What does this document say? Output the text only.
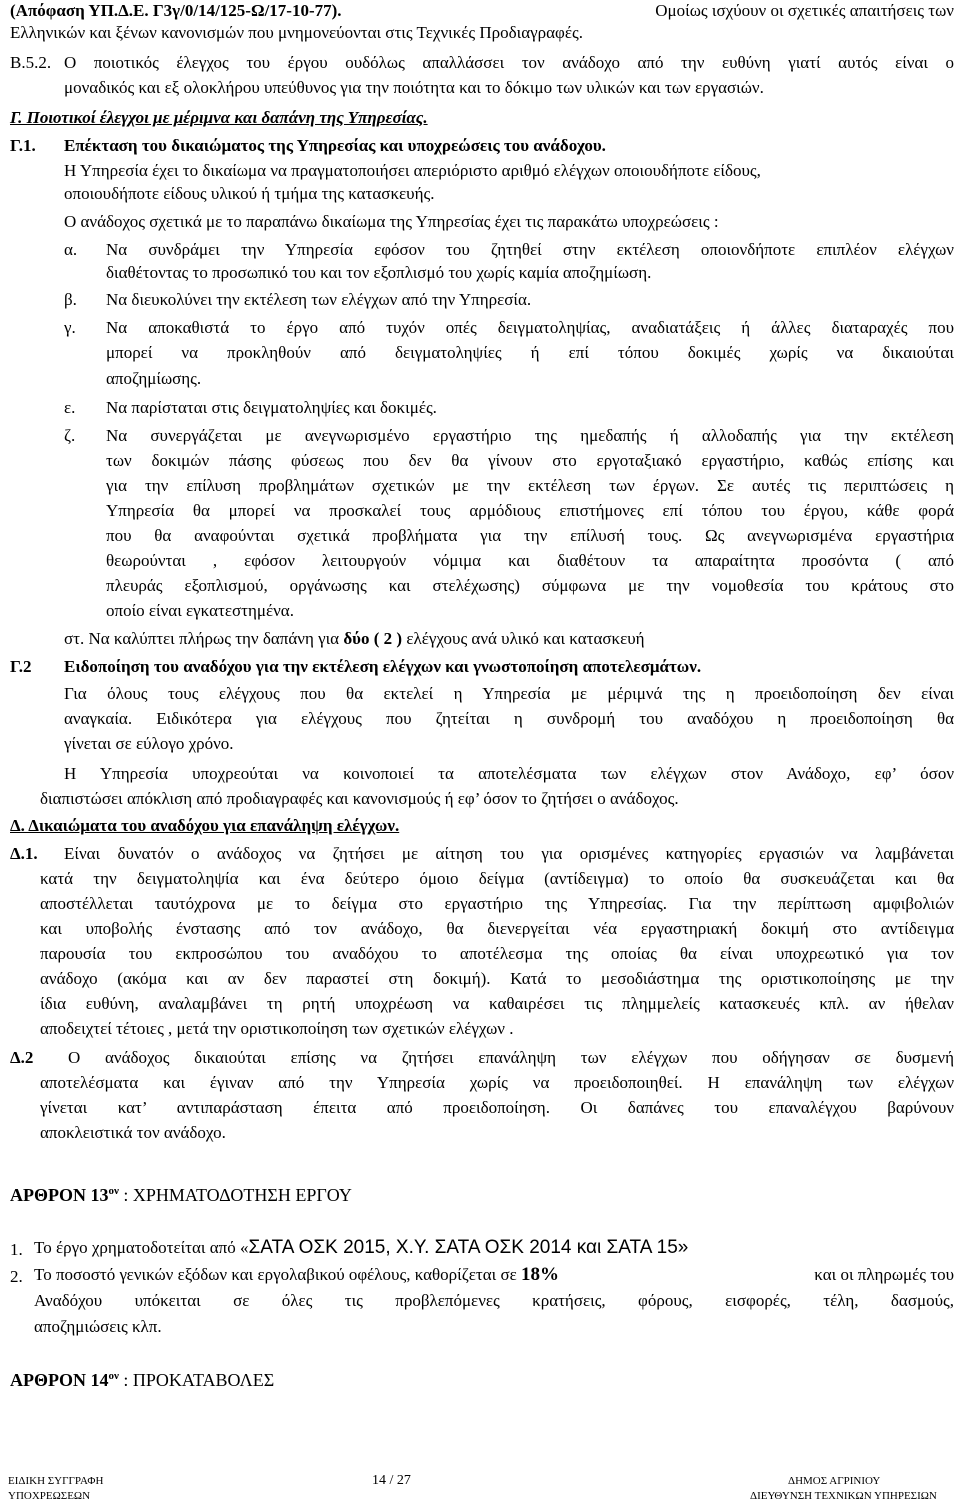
(Απόφαση ΥΠ.Δ.Ε. Γ3γ/0/14/125-Ω/17-10-77).	Ομοίως ισχύουν οι σχετικές απαιτήσεις των
Ελληνικών και ξένων κανονισμών που μνημονεύονται στις Τεχνικές Προδιαγραφές.
Β.5.2. Ο ποιοτικός έλεγχος του έργου ουδόλως απαλλάσσει τον ανάδοχο από την ευθύνη γιατί αυτός είναι ο
μοναδικός και εξ ολοκλήρου υπεύθυνος για την ποιότητα και το δόκιμο των υλικών και των εργασιών.
Γ. Ποιοτικοί έλεγχοι με μέριμνα και δαπάνη της Υπηρεσίας.
Γ.1. Επέκταση του δικαιώματος της Υπηρεσίας και υποχρεώσεις του ανάδοχου.
Η Υπηρεσία έχει το δικαίωμα να πραγματοποιήσει απεριόριστο αριθμό ελέγχων οποιουδήποτε είδους,
οποιουδήποτε είδους υλικού ή τμήμα της κατασκευής.
Ο ανάδοχος σχετικά με το παραπάνω δικαίωμα της Υπηρεσίας έχει τις παρακάτω υποχρεώσεις :
α. Να συνδράμει την Υπηρεσία εφόσον του ζητηθεί στην εκτέλεση οποιονδήποτε επιπλέον ελέγχων
διαθέτοντας το προσωπικό του και τον εξοπλισμό του χωρίς καμία αποζημίωση.
β. Να διευκολύνει την εκτέλεση των ελέγχων από την Υπηρεσία.
γ. Να αποκαθιστά το έργο από τυχόν οπές δειγματοληψίας, αναδιατάξεις ή άλλες διαταραχές που
μπορεί να προκληθούν από δειγματοληψίες ή επί τόπου δοκιμές χωρίς να δικαιούται
αποζημίωσης.
ε. Να παρίσταται στις δειγματοληψίες και δοκιμές.
ζ. Να συνεργάζεται με ανεγνωρισμένο εργαστήριο της ημεδαπής ή αλλοδαπής για την εκτέλεση
των δοκιμών πάσης φύσεως που δεν θα γίνουν στο εργοταξιακό εργαστήριο, καθώς επίσης και
για την επίλυση προβλημάτων σχετικών με την εκτέλεση των έργων. Σε αυτές τις περιπτώσεις η
Υπηρεσία θα μπορεί να προσκαλεί τους αρμόδιους επιστήμονες επί τόπου του έργου, κάθε φορά
που θα αναφούνται σχετικά προβλήματα για την επίλυσή τους. Ως ανεγνωρισμένα εργαστήρια
θεωρούνται , εφόσον λειτουργούν νόμιμα και διαθέτουν τα απαραίτητα προσόντα ( από
πλευράς εξοπλισμού, οργάνωσης και στελέχωσης) σύμφωνα με την νομοθεσία του κράτους στο
οποίο είναι εγκατεστημένα.
στ. Να καλύπτει πλήρως την δαπάνη για δύο ( 2 ) ελέγχους ανά υλικό και κατασκευή
Γ.2 Ειδοποίηση του αναδόχου για την εκτέλεση ελέγχων και γνωστοποίηση αποτελεσμάτων.
Για όλους τους ελέγχους που θα εκτελεί η Υπηρεσία με μέριμνά της η προειδοποίηση δεν είναι
αναγκαία. Ειδικότερα για ελέγχους που ζητείται η συνδρομή του αναδόχου η προειδοποίηση θα
γίνεται σε εύλογο χρόνο.
Η Υπηρεσία υποχρεούται να κοινοποιεί τα αποτελέσματα των ελέγχων στον Ανάδοχο, εφ’ όσον
διαπιστώσει απόκλιση από προδιαγραφές και κανονισμούς ή εφ’ όσον το ζητήσει ο ανάδοχος.
Δ. Δικαιώματα του αναδόχου για επανάληψη ελέγχων.
Δ.1. Είναι δυνατόν ο ανάδοχος να ζητήσει με αίτηση του για ορισμένες κατηγορίες εργασιών να λαμβάνεται
κατά την δειγματοληψία και ένα δεύτερο όμοιο δείγμα (αντίδειγμα) το οποίο θα συσκευάζεται και θα
αποστέλλεται ταυτόχρονα με το δείγμα στο εργαστήριο της Υπηρεσίας. Για την περίπτωση αμφιβολιών
και υποβολής ένστασης από τον ανάδοχο, θα διενεργείται νέα εργαστηριακή δοκιμή στο αντίδειγμα
παρουσία του εκπροσώπου του αναδόχου το αποτέλεσμα της οποίας θα είναι υποχρεωτικό για τον
ανάδοχο (ακόμα και αν δεν παραστεί στη δοκιμή). Κατά το μεσοδιάστημα της οριστικοποίησης με την
ίδια ευθύνη, αναλαμβάνει τη ρητή υποχρέωση να καθαιρέσει τις πλημμελείς κατασκευές κπλ. αν ήθελαν
αποδειχτεί τέτοιες , μετά την οριστικοποίηση των σχετικών ελέγχων .
Δ.2	Ο ανάδοχος δικαιούται επίσης να ζητήσει επανάληψη των ελέγχων που οδήγησαν σε δυσμενή
αποτελέσματα και έγιναν από την Υπηρεσία χωρίς να προειδοποιηθεί. Η επανάληψη των ελέγχων
γίνεται κατ’ αντιπαράσταση έπειτα από προειδοποίηση. Οι δαπάνες του επαναλέγχου βαρύνουν
αποκλειστικά τον ανάδοχο.
ΑΡΘΡΟΝ $13^{o\nu}$ : ΧΡΗΜΑΤΟΔΟΤΗΣΗ ΕΡΓΟΥ
1. Το έργο χρηματοδοτείται από «ΣΑΤΑ ΟΣΚ 2015, Χ.Υ. ΣΑΤΑ ΟΣΚ 2014 και ΣΑΤΑ 15»
2. Το ποσοστό γενικών εξόδων και εργολαβικού οφέλους, καθορίζεται σε 18%	και οι πληρωμές του
Αναδόχου υπόκειται σε όλες τις προβλεπόμενες κρατήσεις, φόρους, εισφορές, τέλη, δασμούς,
αποζημιώσεις κλπ.
ΑΡΘΡΟΝ $14^{o\nu}$ : ΠΡΟΚΑΤΑΒΟΛΕΣ
ΕΙΔΙΚΗ ΣΥΓΓΡΑΦΗ
ΥΠΟΧΡΕΩΣΕΩΝ
14 / 27	ΔΗΜΟΣ ΑΓΡΙΝΙΟΥ
ΔΙΕΥΘΥΝΣΗ ΤΕΧΝΙΚΩΝ ΥΠΗΡΕΣΙΩΝ
